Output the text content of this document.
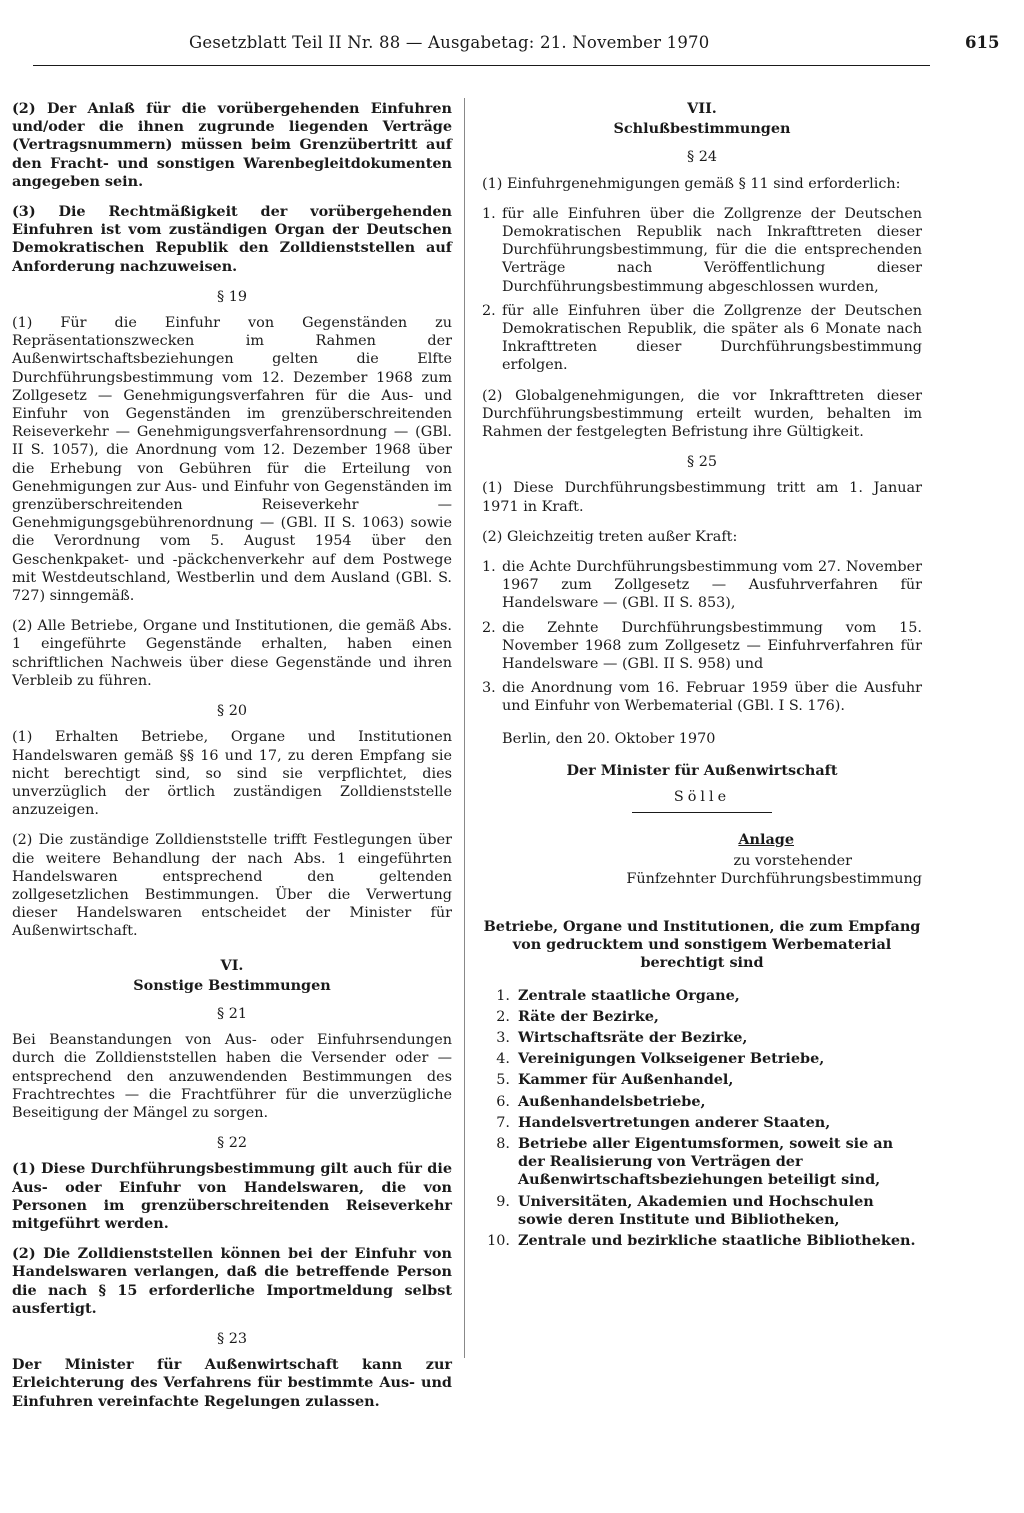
Gesetzblatt Teil II Nr. 88 — Ausgabetag: 21. November 1970	615

(2) Der Anlaß für die vorübergehenden Einfuhren und/oder die ihnen zugrunde liegenden Verträge (Vertragsnummern) müssen beim Grenzübertritt auf den Fracht- und sonstigen Warenbegleitdokumenten angegeben sein.

(3) Die Rechtmäßigkeit der vorübergehenden Einfuhren ist vom zuständigen Organ der Deutschen Demokratischen Republik den Zolldienststellen auf Anforderung nachzuweisen.

§ 19

(1) Für die Einfuhr von Gegenständen zu Repräsentationszwecken im Rahmen der Außenwirtschaftsbeziehungen gelten die Elfte Durchführungsbestimmung vom 12. Dezember 1968 zum Zollgesetz — Genehmigungsverfahren für die Aus- und Einfuhr von Gegenständen im grenzüberschreitenden Reiseverkehr — Genehmigungsverfahrensordnung — (GBl. II S. 1057), die Anordnung vom 12. Dezember 1968 über die Erhebung von Gebühren für die Erteilung von Genehmigungen zur Aus- und Einfuhr von Gegenständen im grenzüberschreitenden Reiseverkehr — Genehmigungsgebührenordnung — (GBl. II S. 1063) sowie die Verordnung vom 5. August 1954 über den Geschenkpaket- und -päckchenverkehr auf dem Postwege mit Westdeutschland, Westberlin und dem Ausland (GBl. S. 727) sinngemäß.

(2) Alle Betriebe, Organe und Institutionen, die gemäß Abs. 1 eingeführte Gegenstände erhalten, haben einen schriftlichen Nachweis über diese Gegenstände und ihren Verbleib zu führen.

§ 20

(1) Erhalten Betriebe, Organe und Institutionen Handelswaren gemäß §§ 16 und 17, zu deren Empfang sie nicht berechtigt sind, so sind sie verpflichtet, dies unverzüglich der örtlich zuständigen Zolldienststelle anzuzeigen.

(2) Die zuständige Zolldienststelle trifft Festlegungen über die weitere Behandlung der nach Abs. 1 eingeführten Handelswaren entsprechend den geltenden zollgesetzlichen Bestimmungen. Über die Verwertung dieser Handelswaren entscheidet der Minister für Außenwirtschaft.

VI.
Sonstige Bestimmungen
§ 21

Bei Beanstandungen von Aus- oder Einfuhrsendungen durch die Zolldienststellen haben die Versender oder — entsprechend den anzuwendenden Bestimmungen des Frachtrechtes — die Frachtführer für die unverzügliche Beseitigung der Mängel zu sorgen.

§ 22

(1) Diese Durchführungsbestimmung gilt auch für die Aus- oder Einfuhr von Handelswaren, die von Personen im grenzüberschreitenden Reiseverkehr mitgeführt werden.

(2) Die Zolldienststellen können bei der Einfuhr von Handelswaren verlangen, daß die betreffende Person die nach § 15 erforderliche Importmeldung selbst ausfertigt.

§ 23

Der Minister für Außenwirtschaft kann zur Erleichterung des Verfahrens für bestimmte Aus- und Einfuhren vereinfachte Regelungen zulassen.

VII.
Schlußbestimmungen
§ 24

(1) Einfuhrgenehmigungen gemäß § 11 sind erforderlich:

1. für alle Einfuhren über die Zollgrenze der Deutschen Demokratischen Republik nach Inkrafttreten dieser Durchführungsbestimmung, für die die entsprechenden Verträge nach Veröffentlichung dieser Durchführungsbestimmung abgeschlossen wurden,
2. für alle Einfuhren über die Zollgrenze der Deutschen Demokratischen Republik, die später als 6 Monate nach Inkrafttreten dieser Durchführungsbestimmung erfolgen.

(2) Globalgenehmigungen, die vor Inkrafttreten dieser Durchführungsbestimmung erteilt wurden, behalten im Rahmen der festgelegten Befristung ihre Gültigkeit.

§ 25

(1) Diese Durchführungsbestimmung tritt am 1. Januar 1971 in Kraft.

(2) Gleichzeitig treten außer Kraft:

1. die Achte Durchführungsbestimmung vom 27. November 1967 zum Zollgesetz — Ausfuhrverfahren für Handelsware — (GBl. II S. 853),
2. die Zehnte Durchführungsbestimmung vom 15. November 1968 zum Zollgesetz — Einfuhrverfahren für Handelsware — (GBl. II S. 958) und
3. die Anordnung vom 16. Februar 1959 über die Ausfuhr und Einfuhr von Werbematerial (GBl. I S. 176).
Berlin, den 20. Oktober 1970
Der Minister für Außenwirtschaft
Sölle
Anlage

zu vorstehender

Fünfzehnter Durchführungsbestimmung

Betriebe, Organe und Institutionen, die zum Empfang von gedrucktem und sonstigem Werbematerial berechtigt sind
1. Zentrale staatliche Organe,
2. Räte der Bezirke,
3. Wirtschaftsräte der Bezirke,
4. Vereinigungen Volkseigener Betriebe,
5. Kammer für Außenhandel,
6. Außenhandelsbetriebe,
7. Handelsvertretungen anderer Staaten,
8. Betriebe aller Eigentumsformen, soweit sie an der Realisierung von Verträgen der Außenwirtschaftsbeziehungen beteiligt sind,
9. Universitäten, Akademien und Hochschulen sowie deren Institute und Bibliotheken,
10. Zentrale und bezirkliche staatliche Bibliotheken.
